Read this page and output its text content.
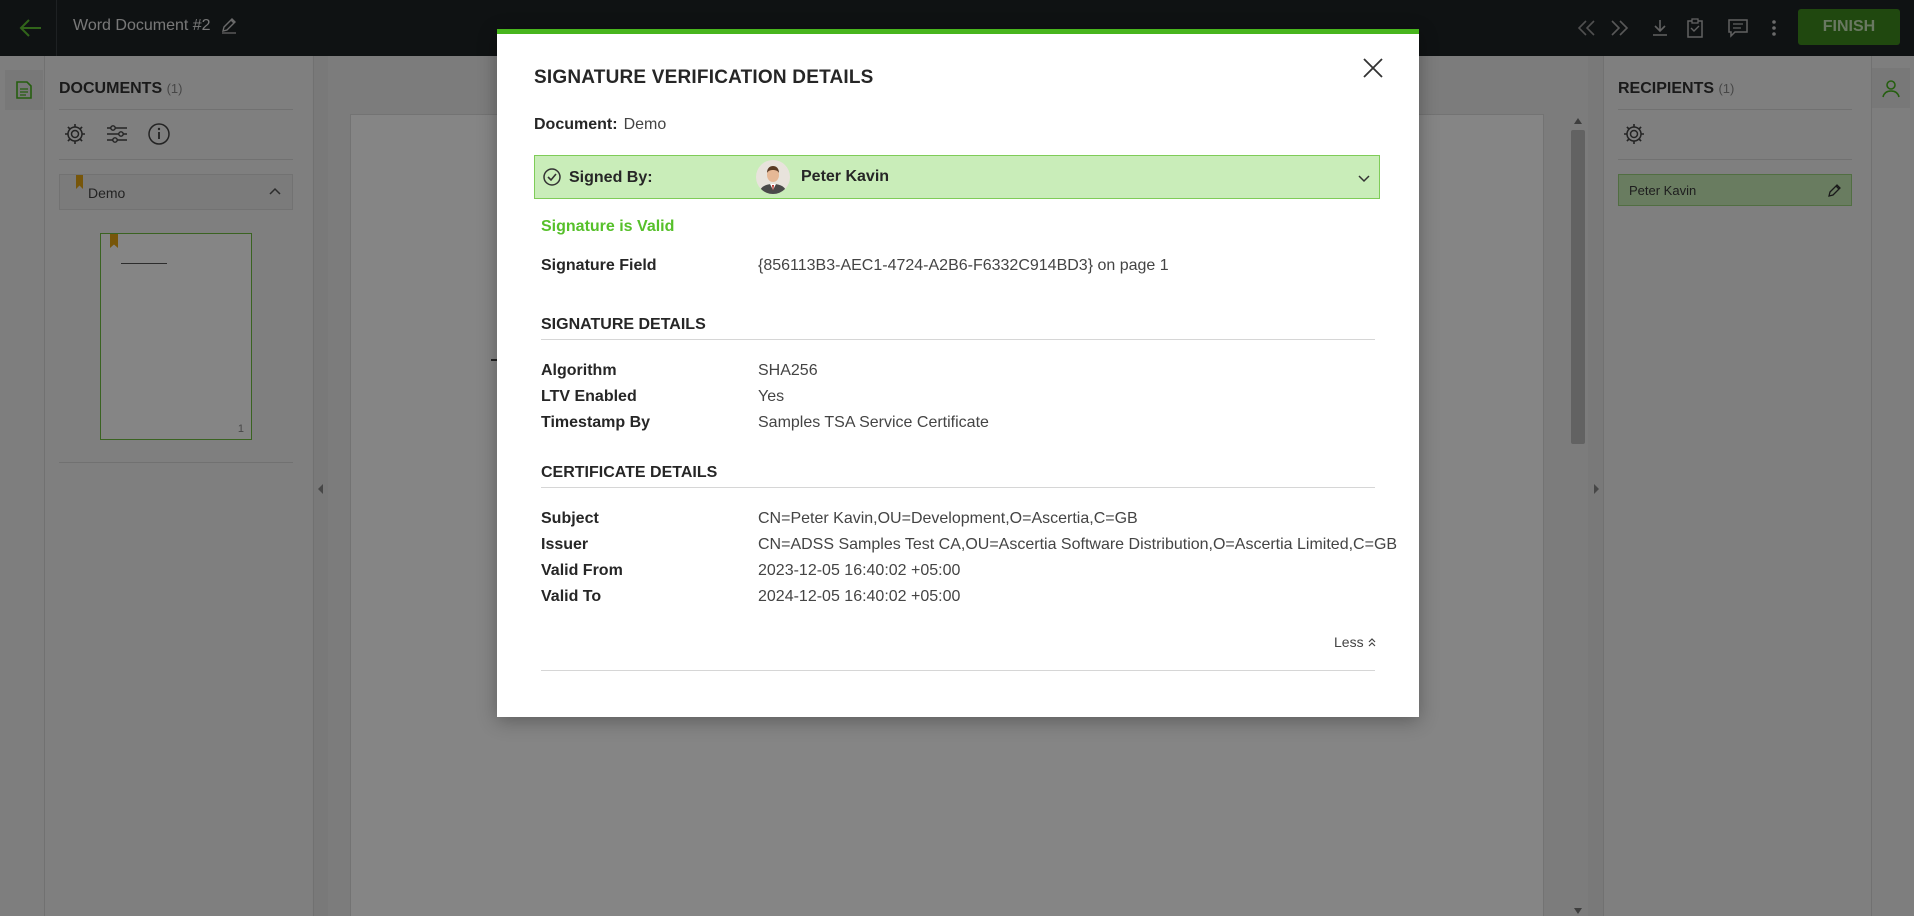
Word Document #2	FINISH
DOCUMENTS (1)
Demo
1
RECIPIENTS (1)
Peter Kavin
SIGNATURE VERIFICATION DETAILS
Document: Demo
Signed By:	Peter Kavin
Signature is Valid
Signature Field	{856113B3-AEC1-4724-A2B6-F6332C914BD3} on page 1
SIGNATURE DETAILS
Algorithm	SHA256
LTV Enabled	Yes
Timestamp By	Samples TSA Service Certificate
CERTIFICATE DETAILS
Subject	CN=Peter Kavin,OU=Development,O=Ascertia,C=GB
Issuer	CN=ADSS Samples Test CA,OU=Ascertia Software Distribution,O=Ascertia Limited,C=GB
Valid From	2023-12-05 16:40:02 +05:00
Valid To	2024-12-05 16:40:02 +05:00
Less
